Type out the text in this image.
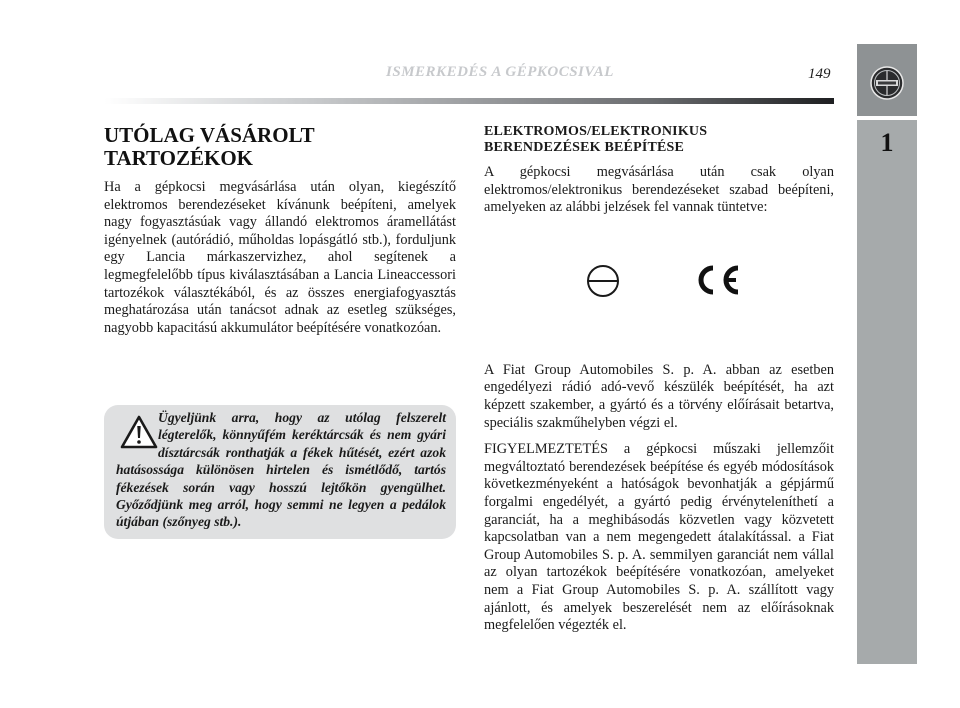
ISMERKEDÉS A GÉPKOCSIVAL	149
1
UTÓLAG VÁSÁROLT
TARTOZÉKOK

Ha a gépkocsi megvásárlása után olyan, kiegészítő elektromos berendezéseket kívánunk beépíteni, amelyek nagy fogyasztásúak vagy állandó elektromos áramellátást igényelnek (autórádió, műholdas lopásgátló stb.), forduljunk egy Lancia márkaszervizhez, ahol segítenek a legmegfelelőbb típus kiválasztásában a Lancia Lineaccessori tartozékok választékából, és az összes energiafogyasztás meghatározása után tanácsot adnak az esetleg szükséges, nagyobb kapacitású akkumulátor beépítésére vonatkozóan.

Ügyeljünk arra, hogy az utólag felszerelt légterelők, könnyűfém keréktárcsák és nem gyári dísztárcsák ronthatják a fékek hűtését, ezért azok hatásossága különösen hirtelen és ismétlődő, tartós fékezések során vagy hosszú lejtőkön gyengülhet. Győződjünk meg arról, hogy semmi ne legyen a pedálok útjában (szőnyeg stb.).

ELEKTROMOS/ELEKTRONIKUS
BERENDEZÉSEK BEÉPÍTÉSE

A gépkocsi megvásárlása után csak olyan elektromos/elektronikus berendezéseket szabad beépíteni, amelyeken az alábbi jelzések fel vannak tüntetve:

A Fiat Group Automobiles S. p. A. abban az esetben engedélyezi rádió adó-vevő készülék beépítését, ha azt képzett szakember, a gyártó és a törvény előírásait betartva, speciális szakműhelyben végzi el.

FIGYELMEZTETÉS a gépkocsi műszaki jellemzőit megváltoztató berendezések beépítése és egyéb módosítások következményeként a hatóságok bevonhatják a gépjármű forgalmi engedélyét, a gyártó pedig érvényteleníthetí a garanciát, ha a meghibásodás közvetlen vagy közvetett kapcsolatban van a nem megengedett átalakítással. a Fiat Group Automobiles S. p. A. semmilyen garanciát nem vállal az olyan tartozékok beépítésére vonatkozóan, amelyeket nem a Fiat Group Automobiles S. p. A. szállított vagy ajánlott, és amelyek beszerelését nem az előírásoknak megfelelően végezték el.
